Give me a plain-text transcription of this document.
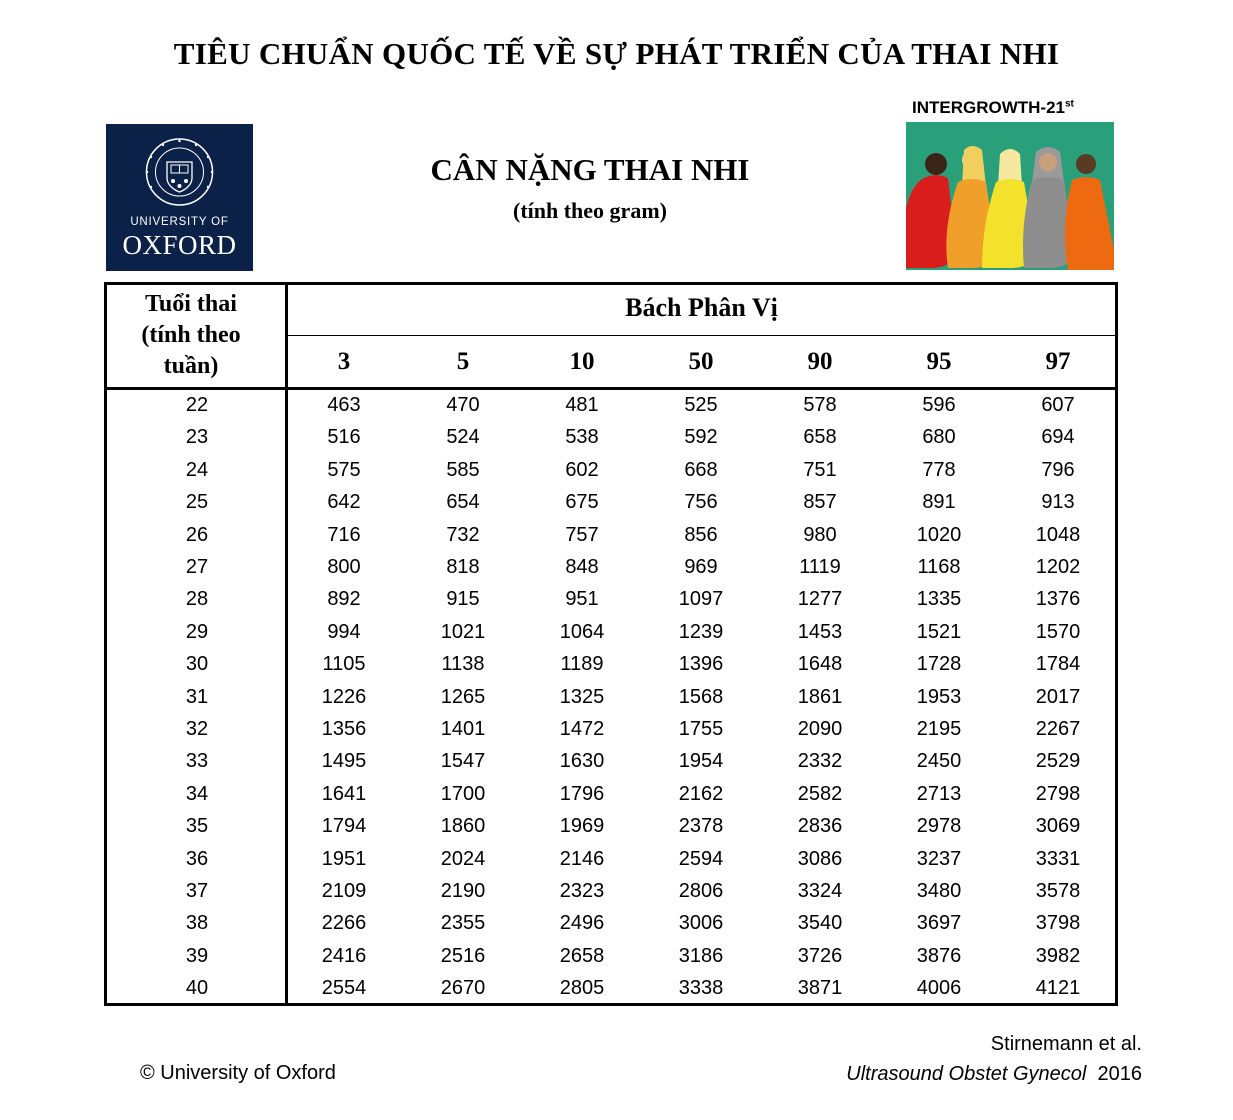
TIÊU CHUẨN QUỐC TẾ VỀ SỰ PHÁT TRIỂN CỦA THAI NHI
UNIVERSITY OF
OXFORD
CÂN NẶNG THAI NHI
(tính theo gram)
INTERGROWTH-21st
Tuổi thai
(tính theo
tuần)
Bách Phân Vị
3	5	10	50	90	95	97
22	463	470	481	525	578	596	607
23	516	524	538	592	658	680	694
24	575	585	602	668	751	778	796
25	642	654	675	756	857	891	913
26	716	732	757	856	980	1020	1048
27	800	818	848	969	1119	1168	1202
28	892	915	951	1097	1277	1335	1376
29	994	1021	1064	1239	1453	1521	1570
30	1105	1138	1189	1396	1648	1728	1784
31	1226	1265	1325	1568	1861	1953	2017
32	1356	1401	1472	1755	2090	2195	2267
33	1495	1547	1630	1954	2332	2450	2529
34	1641	1700	1796	2162	2582	2713	2798
35	1794	1860	1969	2378	2836	2978	3069
36	1951	2024	2146	2594	3086	3237	3331
37	2109	2190	2323	2806	3324	3480	3578
38	2266	2355	2496	3006	3540	3697	3798
39	2416	2516	2658	3186	3726	3876	3982
40	2554	2670	2805	3338	3871	4006	4121
© University of Oxford
Stirnemann et al.
Ultrasound Obstet Gynecol 2016
